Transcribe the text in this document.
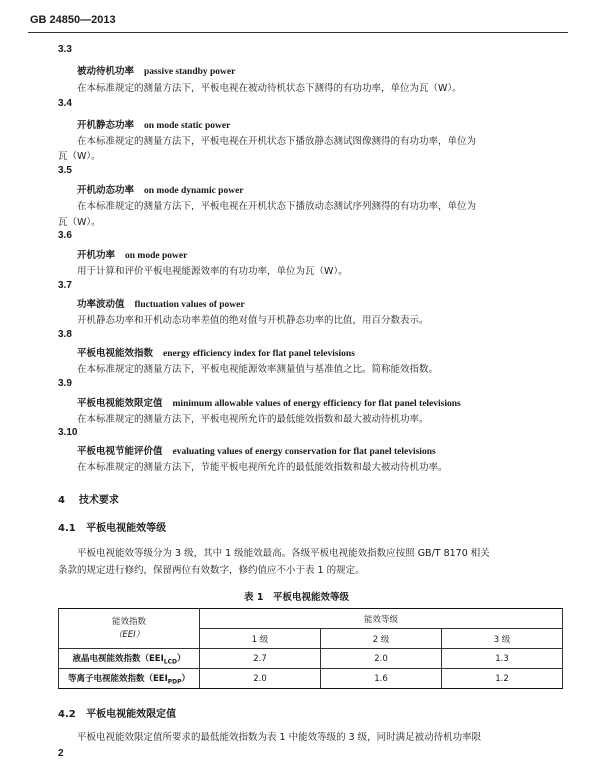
GB 24850—2013
3.3
被动待机功率 passive standby power
在本标准规定的测量方法下，平板电视在被动待机状态下测得的有功功率，单位为瓦（W）。
3.4
开机静态功率 on mode static power
在本标准规定的测量方法下，平板电视在开机状态下播放静态测试图像测得的有功功率，单位为
瓦（W）。
3.5
开机动态功率 on mode dynamic power
在本标准规定的测量方法下，平板电视在开机状态下播放动态测试序列测得的有功功率，单位为
瓦（W）。
3.6
开机功率 on mode power
用于计算和评价平板电视能源效率的有功功率，单位为瓦（W）。
3.7
功率波动值 fluctuation values of power
开机静态功率和开机动态功率差值的绝对值与开机静态功率的比值，用百分数表示。
3.8
平板电视能效指数 energy efficiency index for flat panel televisions
在本标准规定的测量方法下，平板电视能源效率测量值与基准值之比。简称能效指数。
3.9
平板电视能效限定值 minimum allowable values of energy efficiency for flat panel televisions
在本标准规定的测量方法下，平板电视所允许的最低能效指数和最大被动待机功率。
3.10
平板电视节能评价值 evaluating values of energy conservation for flat panel televisions
在本标准规定的测量方法下，节能平板电视所允许的最低能效指数和最大被动待机功率。
4 技术要求
4.1 平板电视能效等级
平板电视能效等级分为 3 级，其中 1 级能效最高。各级平板电视能效指数应按照 GB/T 8170 相关
条款的规定进行修约，保留两位有效数字，修约值应不小于表 1 的规定。
表 1　平板电视能效等级
能效指数
（EEI）	能效等级		
	1 级	2 级	3 级
液晶电视能效指数$(EEI_{LCD})$	2.7	2.0	1.3
等离子电视能效指数$(EEI_{PDP})$	2.0	1.6	1.2
4.2 平板电视能效限定值
平板电视能效限定值所要求的最低能效指数为表 1 中能效等级的 3 级，同时满足被动待机功率限
2
